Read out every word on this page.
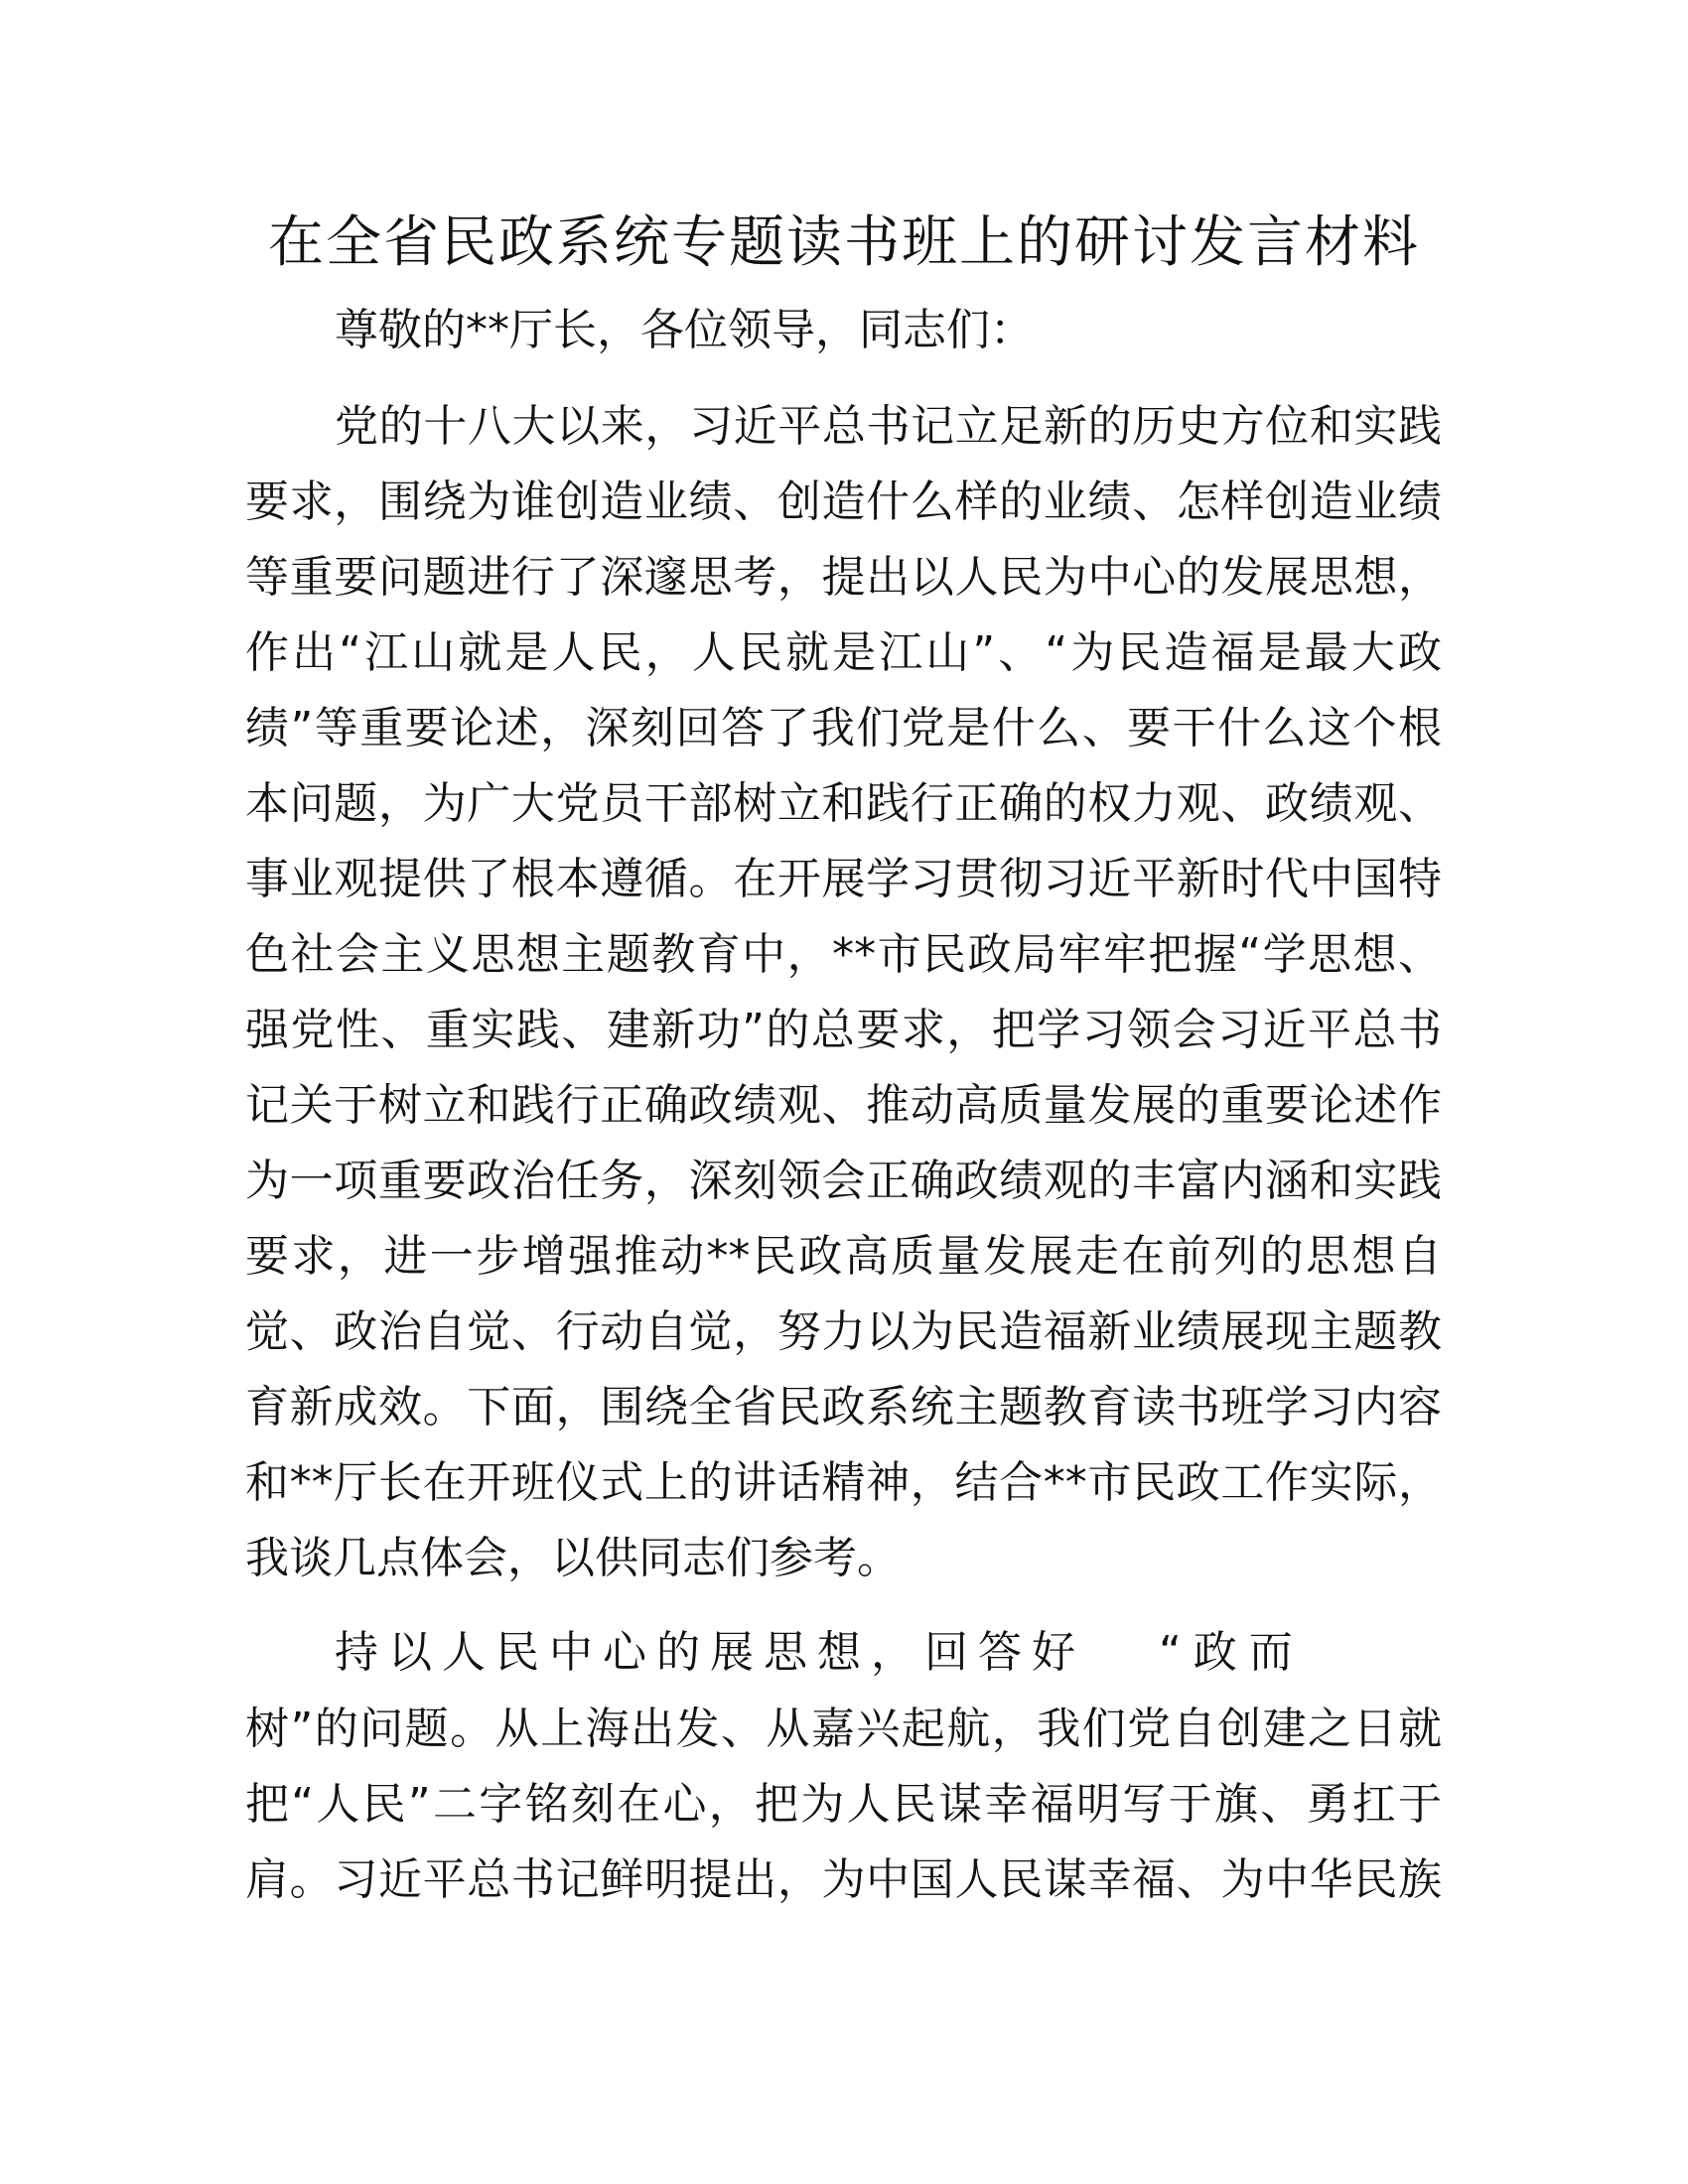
在全省民政系统专题读书班上的研讨发言材料
尊敬的**厅长，各位领导，同志们：
党的十八大以来，习近平总书记立足新的历史方位和实践
要求，围绕为谁创造业绩、创造什么样的业绩、怎样创造业绩
等重要问题进行了深邃思考，提出以人民为中心的发展思想，
作出“江山就是人民，人民就是江山”、“为民造福是最大政
绩”等重要论述，深刻回答了我们党是什么、要干什么这个根
本问题，为广大党员干部树立和践行正确的权力观、政绩观、
事业观提供了根本遵循。在开展学习贯彻习近平新时代中国特
色社会主义思想主题教育中，**市民政局牢牢把握“学思想、
强党性、重实践、建新功”的总要求，把学习领会习近平总书
记关于树立和践行正确政绩观、推动高质量发展的重要论述作
为一项重要政治任务，深刻领会正确政绩观的丰富内涵和实践
要求，进一步增强推动**民政高质量发展走在前列的思想自
觉、政治自觉、行动自觉，努力以为民造福新业绩展现主题教
育新成效。下面，围绕全省民政系统主题教育读书班学习内容
和**厅长在开班仪式上的讲话精神，结合**市民政工作实际，
我谈几点体会，以供同志们参考。
持以人民中心的展思想，回答好 “政而
树”的问题。从上海出发、从嘉兴起航，我们党自创建之日就
把“人民”二字铭刻在心，把为人民谋幸福明写于旗、勇扛于
肩。习近平总书记鲜明提出，为中国人民谋幸福、为中华民族
